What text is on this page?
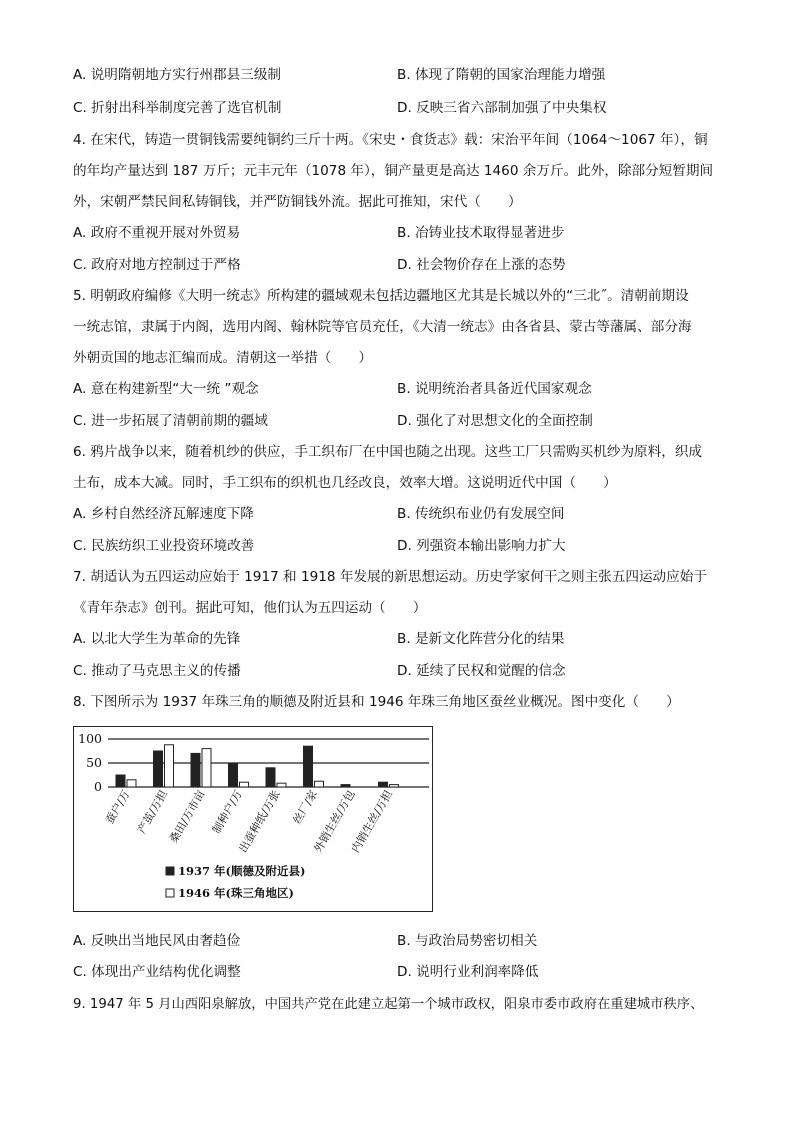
A. 说明隋朝地方实行州郡县三级制	B. 体现了隋朝的国家治理能力增强
C. 折射出科举制度完善了选官机制	D. 反映三省六部制加强了中央集权
4. 在宋代，铸造一贯铜钱需要纯铜约三斤十两。《宋史・食货志》载：宋治平年间（1064～1067 年），铜
的年均产量达到 187 万斤；元丰元年（1078 年），铜产量更是高达 1460 余万斤。此外，除部分短暂期间
外，宋朝严禁民间私铸铜钱，并严防铜钱外流。据此可推知，宋代（　　）
A. 政府不重视开展对外贸易	B. 冶铸业技术取得显著进步
C. 政府对地方控制过于严格	D. 社会物价存在上涨的态势
5. 明朝政府编修《大明一统志》所构建的疆域观未包括边疆地区尤其是长城以外的“三北˝。清朝前期设
一统志馆，隶属于内阁，选用内阁、翰林院等官员充任，《大清一统志》由各省县、蒙古等藩属、部分海
外朝贡国的地志汇编而成。清朝这一举措（　　）
A. 意在构建新型“大一统 ”观念	B. 说明统治者具备近代国家观念
C. 进一步拓展了清朝前期的疆域	D. 强化了对思想文化的全面控制
6. 鸦片战争以来，随着机纱的供应，手工织布厂在中国也随之出现。这些工厂只需购买机纱为原料，织成
土布，成本大减。同时，手工织布的织机也几经改良，效率大增。这说明近代中国（　　）
A. 乡村自然经济瓦解速度下降	B. 传统织布业仍有发展空间
C. 民族纺织工业投资环境改善	D. 列强资本输出影响力扩大
7. 胡适认为五四运动应始于 1917 和 1918 年发展的新思想运动。历史学家何干之则主张五四运动应始于
《青年杂志》创刊。据此可知，他们认为五四运动（　　）
A. 以北大学生为革命的先锋	B. 是新文化阵营分化的结果
C. 推动了马克思主义的传播	D. 延续了民权和觉醒的信念
8. 下图所示为 1937 年珠三角的顺德及附近县和 1946 年珠三角地区蚕丝业概况。图中变化（　　）
100
50
0
蚕户/万 产茧/万担
桑田/万市亩 制种户/万
出蚕种纸/万张 丝厂/家
外销生丝/万包
内销生丝/万担
1937 年(顺德及附近县)
1946 年(珠三角地区)
A. 反映出当地民风由奢趋俭	B. 与政治局势密切相关
C. 体现出产业结构优化调整	D. 说明行业利润率降低
9. 1947 年 5 月山西阳泉解放，中国共产党在此建立起第一个城市政权，阳泉市委市政府在重建城市秩序、
